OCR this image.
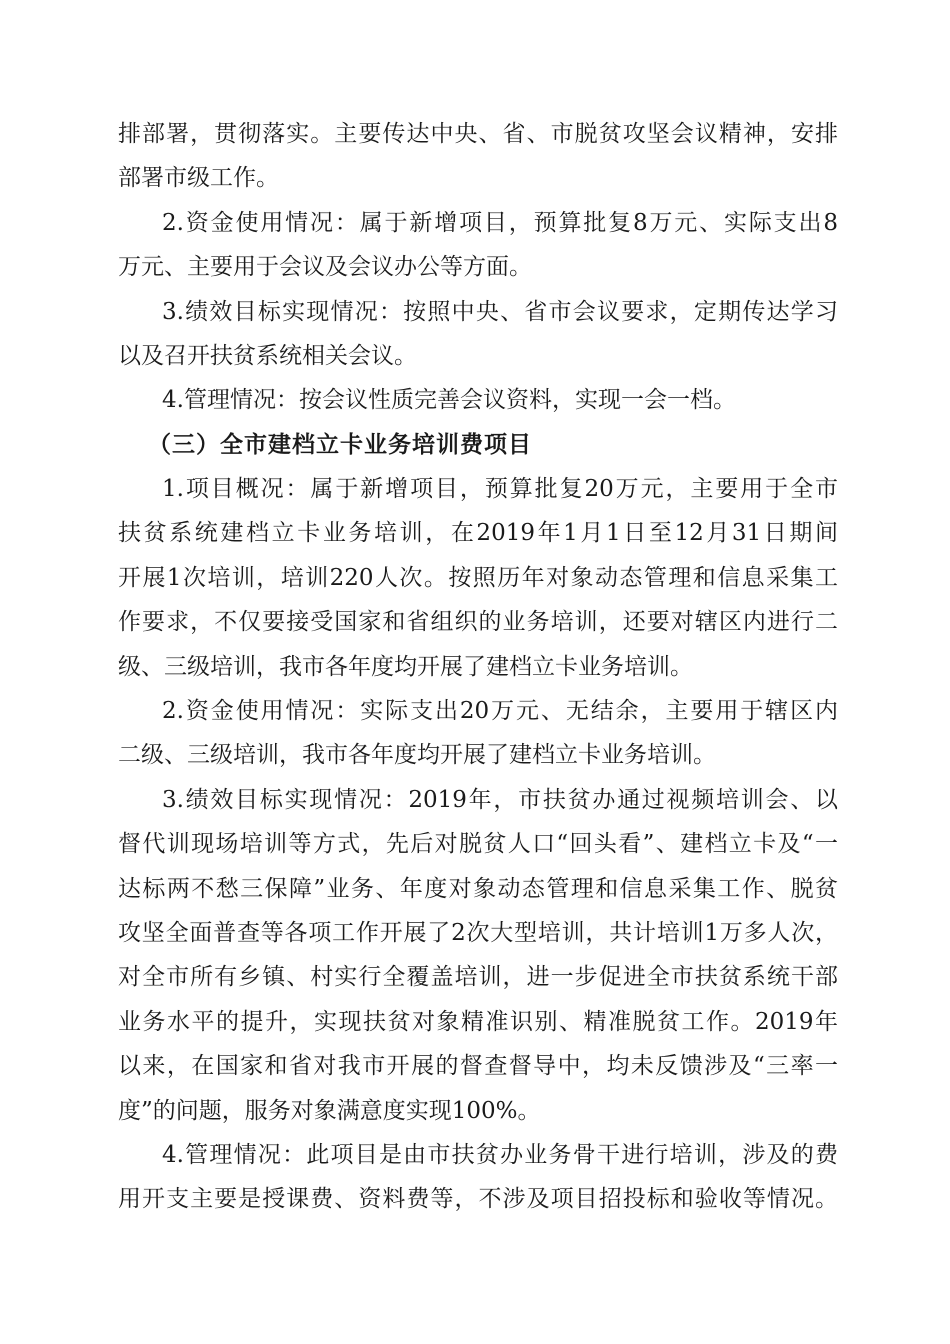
排部署，贯彻落实。主要传达中央、省、市脱贫攻坚会议精神，安排
部署市级工作。
2.资金使用情况：属于新增项目，预算批复8万元、实际支出8
万元、主要用于会议及会议办公等方面。
3.绩效目标实现情况：按照中央、省市会议要求，定期传达学习
以及召开扶贫系统相关会议。
4.管理情况：按会议性质完善会议资料，实现一会一档。
（三）全市建档立卡业务培训费项目
1.项目概况：属于新增项目，预算批复20万元，主要用于全市
扶贫系统建档立卡业务培训，在2019年1月1日至12月31日期间
开展1次培训，培训220人次。按照历年对象动态管理和信息采集工
作要求，不仅要接受国家和省组织的业务培训，还要对辖区内进行二
级、三级培训，我市各年度均开展了建档立卡业务培训。
2.资金使用情况：实际支出20万元、无结余，主要用于辖区内
二级、三级培训，我市各年度均开展了建档立卡业务培训。
3.绩效目标实现情况：2019年，市扶贫办通过视频培训会、以
督代训现场培训等方式，先后对脱贫人口“回头看”、建档立卡及“一
达标两不愁三保障”业务、年度对象动态管理和信息采集工作、脱贫
攻坚全面普查等各项工作开展了2次大型培训，共计培训1万多人次，
对全市所有乡镇、村实行全覆盖培训，进一步促进全市扶贫系统干部
业务水平的提升，实现扶贫对象精准识别、精准脱贫工作。2019年
以来，在国家和省对我市开展的督查督导中，均未反馈涉及“三率一
度”的问题，服务对象满意度实现100%。
4.管理情况：此项目是由市扶贫办业务骨干进行培训，涉及的费
用开支主要是授课费、资料费等，不涉及项目招投标和验收等情况。
